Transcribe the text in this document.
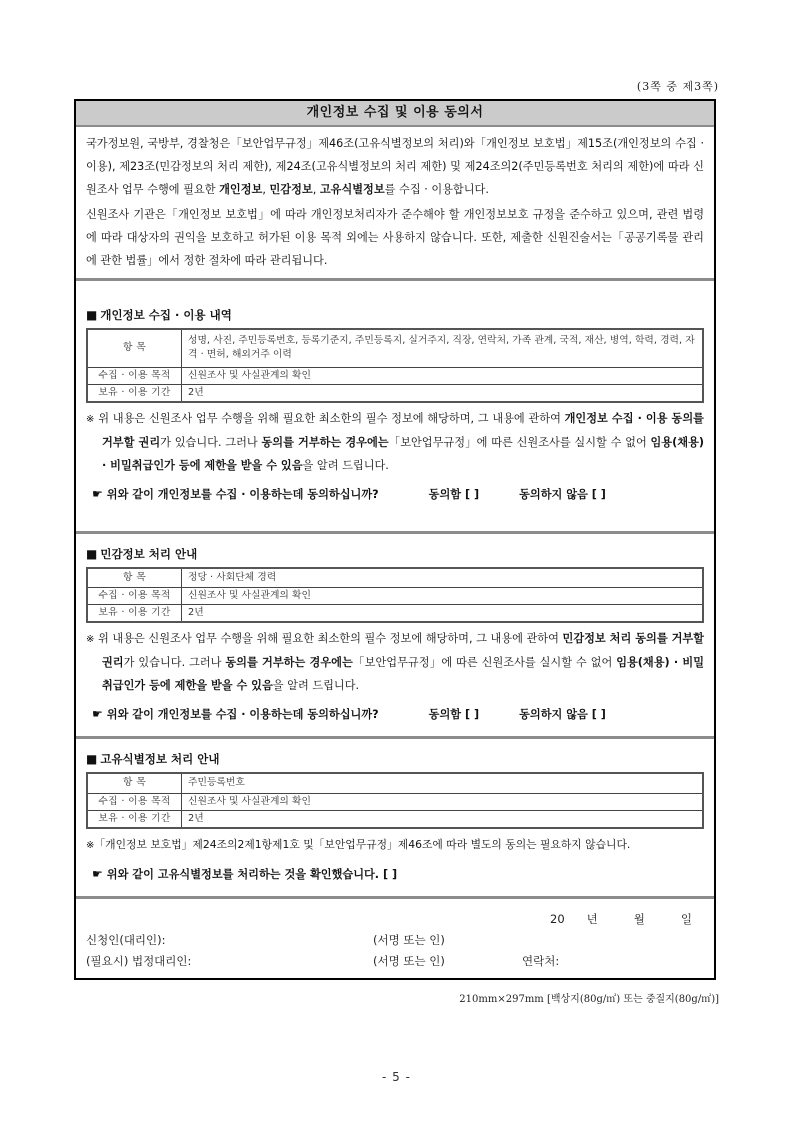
(3쪽 중 제3쪽)
개인정보 수집 및 이용 동의서

국가정보원, 국방부, 경찰청은「보안업무규정」제46조(고유식별정보의 처리)와「개인정보 보호법」제15조(개인정보의 수집 · 이용), 제23조(민감정보의 처리 제한), 제24조(고유식별정보의 처리 제한) 및 제24조의2(주민등록번호 처리의 제한)에 따라 신원조사 업무 수행에 필요한 개인정보, 민감정보, 고유식별정보를 수집 · 이용합니다.

신원조사 기관은「개인정보 보호법」에 따라 개인정보처리자가 준수해야 할 개인정보보호 규정을 준수하고 있으며, 관련 법령에 따라 대상자의 권익을 보호하고 허가된 이용 목적 외에는 사용하지 않습니다. 또한, 제출한 신원진술서는「공공기록물 관리에 관한 법률」에서 정한 절차에 따라 관리됩니다.

■ 개인정보 수집 · 이용 내역

항 목	성명, 사진, 주민등록번호, 등록기준지, 주민등록지, 실거주지, 직장, 연락처, 가족 관계, 국적, 재산, 병역, 학력, 경력, 자격 · 면허, 해외거주 이력
수집 · 이용 목적	신원조사 및 사실관계의 확인
보유 · 이용 기간	2년

※ 위 내용은 신원조사 업무 수행을 위해 필요한 최소한의 필수 정보에 해당하며, 그 내용에 관하여 개인정보 수집 · 이용 동의를 거부할 권리가 있습니다. 그러나 동의를 거부하는 경우에는「보안업무규정」에 따른 신원조사를 실시할 수 없어 임용(채용) · 비밀취급인가 등에 제한을 받을 수 있음을 알려 드립니다.

☛ 위와 같이 개인정보를 수집 · 이용하는데 동의하십니까?	동의함 [ ]	동의하지 않음 [ ]

■ 민감정보 처리 안내

항 목	정당 · 사회단체 경력
수집 · 이용 목적	신원조사 및 사실관계의 확인
보유 · 이용 기간	2년

※ 위 내용은 신원조사 업무 수행을 위해 필요한 최소한의 필수 정보에 해당하며, 그 내용에 관하여 민감정보 처리 동의를 거부할 권리가 있습니다. 그러나 동의를 거부하는 경우에는「보안업무규정」에 따른 신원조사를 실시할 수 없어 임용(채용) · 비밀취급인가 등에 제한을 받을 수 있음을 알려 드립니다.

☛ 위와 같이 개인정보를 수집 · 이용하는데 동의하십니까?	동의함 [ ]	동의하지 않음 [ ]

■ 고유식별정보 처리 안내

항 목	주민등록번호
수집 · 이용 목적	신원조사 및 사실관계의 확인
보유 · 이용 기간	2년

※「개인정보 보호법」제24조의2제1항제1호 및「보안업무규정」제46조에 따라 별도의 동의는 필요하지 않습니다.

☛ 위와 같이 고유식별정보를 처리하는 것을 확인했습니다. [ ]
20 년	월	일
신청인(대리인):	(서명 또는 인)
(필요시) 법정대리인:	(서명 또는 인)	연락처:
210mm×297mm [백상지(80g/㎡) 또는 중질지(80g/㎡)]
- 5 -
